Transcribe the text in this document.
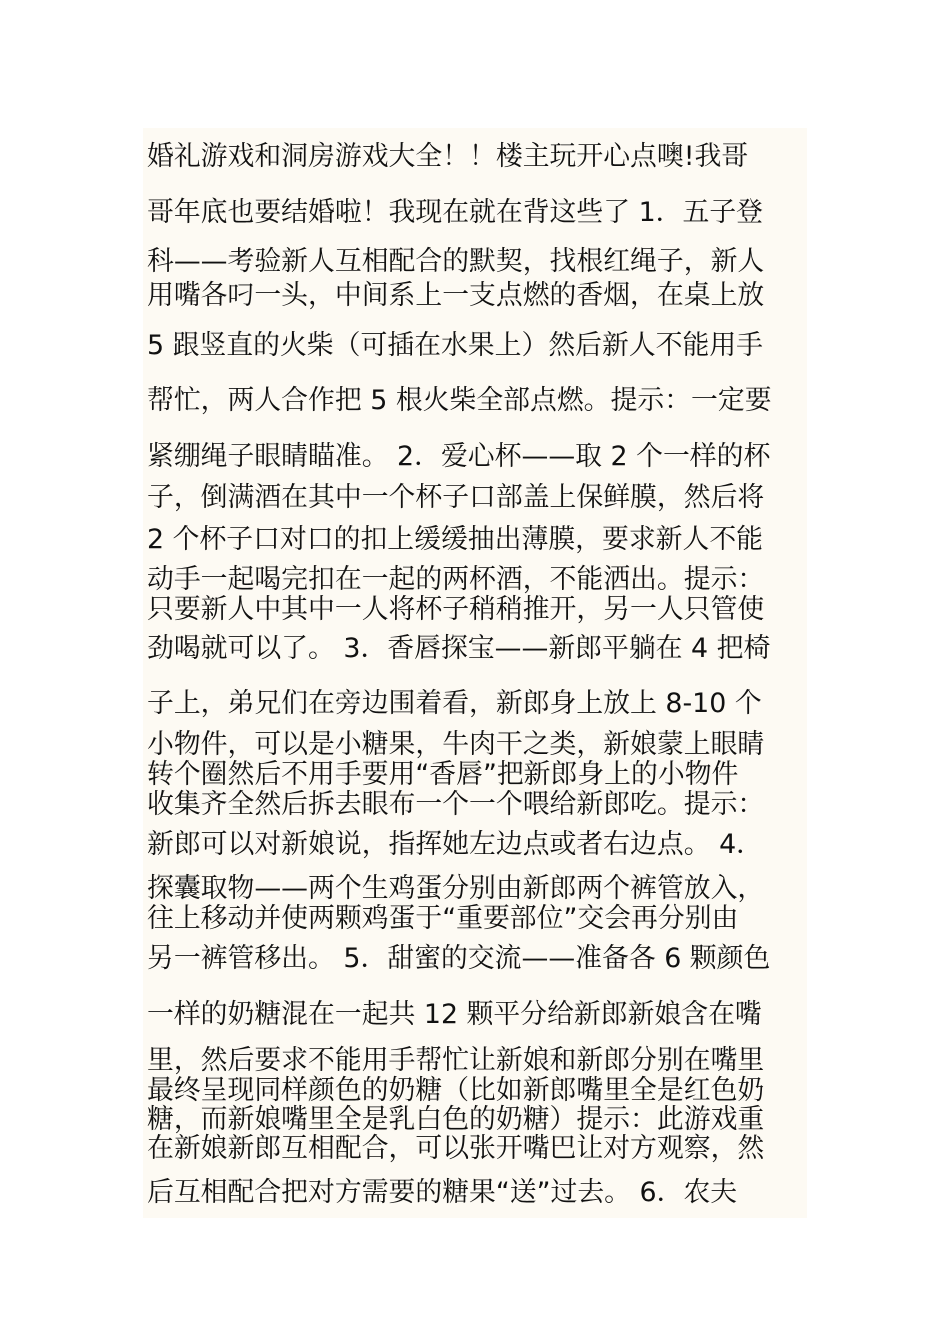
婚礼游戏和洞房游戏大全！！楼主玩开心点噢!我哥
哥年底也要结婚啦！我现在就在背这些了 1．五子登
科——考验新人互相配合的默契，找根红绳子，新人
用嘴各叼一头，中间系上一支点燃的香烟，在桌上放
5 跟竖直的火柴（可插在水果上）然后新人不能用手
帮忙，两人合作把 5 根火柴全部点燃。提示：一定要
紧绷绳子眼睛瞄准。 2．爱心杯——取 2 个一样的杯
子，倒满酒在其中一个杯子口部盖上保鲜膜，然后将
2 个杯子口对口的扣上缓缓抽出薄膜，要求新人不能
动手一起喝完扣在一起的两杯酒，不能洒出。提示：
只要新人中其中一人将杯子稍稍推开，另一人只管使
劲喝就可以了。 3．香唇探宝——新郎平躺在 4 把椅
子上，弟兄们在旁边围着看，新郎身上放上 8-10 个
小物件，可以是小糖果，牛肉干之类，新娘蒙上眼睛
转个圈然后不用手要用“香唇”把新郎身上的小物件
收集齐全然后拆去眼布一个一个喂给新郎吃。提示：
新郎可以对新娘说，指挥她左边点或者右边点。 4．
探囊取物——两个生鸡蛋分别由新郎两个裤管放入，
往上移动并使两颗鸡蛋于“重要部位”交会再分别由
另一裤管移出。 5．甜蜜的交流——准备各 6 颗颜色
一样的奶糖混在一起共 12 颗平分给新郎新娘含在嘴
里，然后要求不能用手帮忙让新娘和新郎分别在嘴里
最终呈现同样颜色的奶糖（比如新郎嘴里全是红色奶
糖，而新娘嘴里全是乳白色的奶糖）提示：此游戏重
在新娘新郎互相配合，可以张开嘴巴让对方观察，然
后互相配合把对方需要的糖果“送”过去。 6．农夫
